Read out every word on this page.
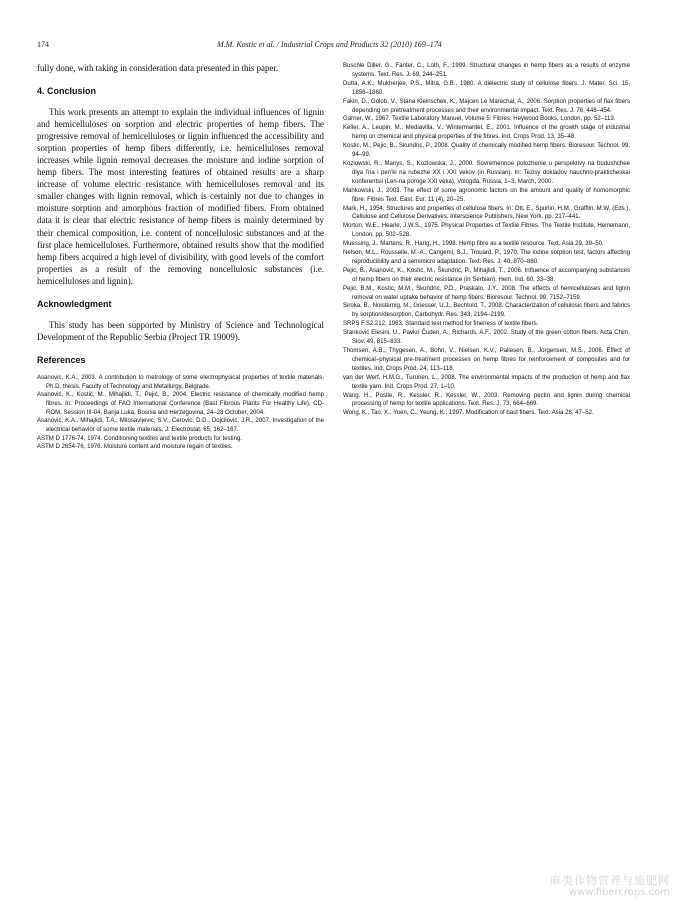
174	M.M. Kostic et al. / Industrial Crops and Products 32 (2010) 169–174

fully done, with taking in consideration data presented in this paper.

4. Conclusion

This work presents an attempt to explain the individual influences of lignin and hemicelluloses on sorption and electric properties of hemp fibers. The progressive removal of hemicelluloses or lignin influenced the accessibility and sorption properties of hemp fibers differently, i.e. hemicelluloses removal increases while lignin removal decreases the moisture and iodine sorption of hemp fibers. The most interesting features of obtained results are a sharp increase of volume electric resistance with hemicelluloses removal and its smaller changes with lignin removal, which is certainly not due to changes in moisture sorption and amorphous fraction of modified fibers. From obtained data it is clear that electric resistance of hemp fibers is mainly determined by their chemical composition, i.e. content of noncellulosic substances and at the first place hemicelluloses. Furthermore, obtained results show that the modified hemp fibers acquired a high level of divisibility, with good levels of the comfort properties as a result of the removing noncellulosic substances (i.e. hemicelluloses and lignin).

Acknowledgment

This study has been supported by Ministry of Science and Technological Development of the Republic Serbia (Project TR 19009).

References

Asanovic, K.A., 2003. A contribution to metrology of some electrophysical properties of textile materials. Ph.D. thesis. Faculty of Technology and Metallurgy, Belgrade.

Asanović, K., Kostić, M., Mihajlidi, T., Pejić, B., 2004. Electric resistance of chemically modified hemp fibres. In: Proceedings of FAO International Conference (Bast Fibrous Plants For Healthy Life), CD-ROM, Session III-04, Banja Luka, Bosnia and Herzegovina, 24–28 October, 2004.

Asanovic, K.A., Mihajlidi, T.A., Milosavljevic, S.V., Cerovic, D.D., Dojcilovic, J.R., 2007. Investigation of the electrical behavior of some textile materials. J. Electrostat. 65, 162–167.

ASTM D 1776-74, 1974. Conditioning textiles and textile products for testing.

ASTM D 2654-76, 1976. Moisture content and moisture regain of textiles.

Buschle Diller, G., Fanter, C., Loth, F., 1999. Structural changes in hemp fibers as a results of enzyme systems. Text. Res. J. 69, 244–251.

Dutta, A.K., Mukherjee, P.S., Mitra, G.B., 1980. A dielectric study of cellulose fibers. J. Mater. Sci. 15, 1856–1860.

Fakin, D., Golob, V., Stana Kleinschek, K., Majcen Le Marechal, A., 2006. Sorption properties of flax fibers depending on pretreatment processes and their environmental impact. Text. Res. J. 76, 448–454.

Garner, W., 1967. Textile Laboratory Manuel, Volume 5: Fibres. Heywood Books, London, pp. 52–113.

Keller, A., Leupin, M., Mediavilla, V., Wintermantel, E., 2001. Influence of the growth stage of industrial hemp on chemical and physical properties of the fibres. Ind. Crops Prod. 13, 35–48.

Kostic, M., Pejic, B., Skundric, P., 2008. Quality of chemically modified hemp fibers. Bioresour. Technol. 99, 94–99.

Kozlowski, R., Manys, S., Kozlowska, J., 2000. Sovremennoe polozhenie u perspektivy na budushchee dlya l'na i pen'ki na rubezhe XX i XXI vekov (in Russian). In: Tezisy dokladov nauchno-prakticheskai konferentsii (Len-na poroge XXI veka), Vologda, Russia, 1–3, March, 2000.

Mankowski, J., 2003. The effect of some agronomic factors on the amount and quality of homomorphic fibre. Fibres Text. East. Eur. 11 (4), 20–25.

Mark, H., 1954. Structures and properties of cellulose fibers. In: Ott, E., Spurlin, H.M., Grafflin, M.W. (Eds.), Cellulose and Cellulose Derivatives. Interscience Publishers, New York, pp. 217–441.

Morton, W.E., Hearle, J.W.S., 1975. Physical Properties of Textile Fibres. The Textile Institute, Heinemann, London, pp. 502–528.

Muessing, J., Martens, R., Harig, H., 1998. Hemp fibre as a textile resource. Text. Asia 29, 39–50.

Nelson, M.L., Rousselle, M.-A., Cangemi, S.J., Trouard, P., 1970. The iodine sorption test, factors affecting reproducibility and a semimicro adaptation. Text. Res. J. 40, 870–880.

Pejić, B., Asanović, K., Kostić, M., Škundrić, P., Mihajlidi, T., 2006. Influence of accompanying substances of hemp fibers on their electric resistance (in Serbian). Hem. Ind. 60, 33–38.

Pejic, B.M., Kostic, M.M., Skundric, P.D., Praskalo, J.Y., 2008. The effects of hemicelluloses and lignin removal on water uptake behavior of hemp fibers. Bioresour. Technol. 99, 7152–7159.

Siroka, B., Noisternig, M., Griesser, U.J., Bechtold, T., 2008. Characterization of cellulosic fibers and fabrics by sorption/desorption. Carbohydr. Res. 343, 2194–2199.

SRPS F.S2.212, 1963. Standard test method for fineness of textile fibers.

Stanković Elesini, U., Pavko Čuden, A., Richards, A.F., 2002. Study of the green cotton fibers. Acta Chim. Slov. 49, 815–833.

Thomsen, A.B., Thygesen, A., Bohn, V., Nielsen, K.V., Pallesen, B., Jorgensen, M.S., 2006. Effect of chemical–physical pre-treatment processes on hemp fibres for reinforcement of composites and for textiles. Ind. Crops Prod. 24, 113–118.

van der Werf, H.M.G., Turunen, L., 2008. The environmental impacts of the production of hemp and flax textile yarn. Ind. Crops Prod. 27, 1–10.

Wang, H., Postle, R., Kessler, R., Kessler, W., 2003. Removing pectin and lignin during chemical processing of hemp for textile applications. Text. Res. J. 73, 664–669.

Wong, K., Tao, X., Yuen, C., Yeung, K., 1997. Modification of bast fibers. Text. Asia 28, 47–52.

麻类作物营养与施肥网
www.fibercrops.com
